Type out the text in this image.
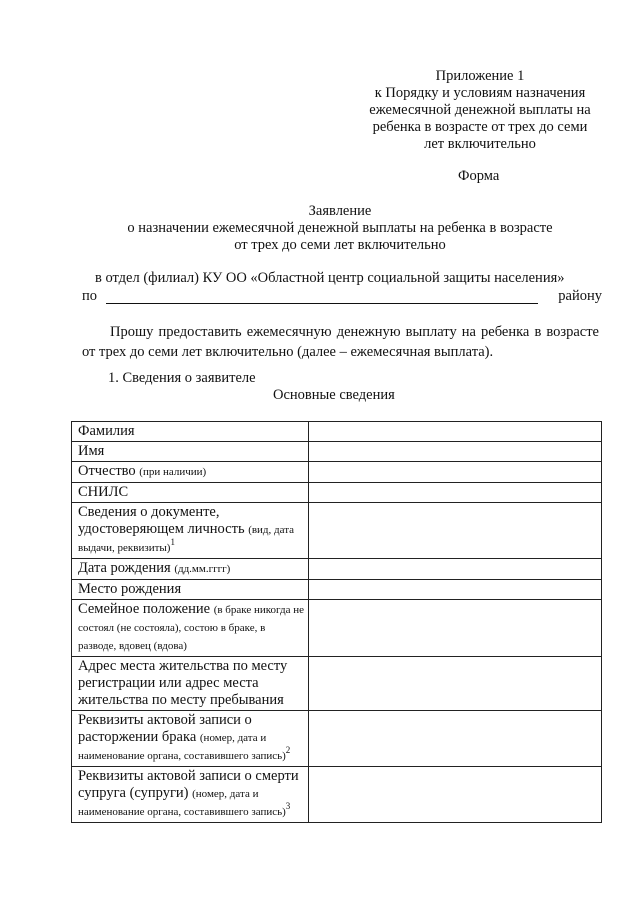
Приложение 1
к Порядку и условиям назначения
ежемесячной денежной выплаты на
ребенка в возрасте от трех до семи
лет включительно
Форма
Заявление
о назначении ежемесячной денежной выплаты на ребенка в возрасте
от трех до семи лет включительно
в отдел (филиал) КУ ОО «Областной центр социальной защиты населения»
по	району
Прошу предоставить ежемесячную денежную выплату на ребенка в возрасте от трех до семи лет включительно (далее – ежемесячная выплата).
1. Сведения о заявителе
Основные сведения
Фамилия	
Имя	
Отчество (при наличии)	
СНИЛС	
Сведения о документе, удостоверяющем личность (вид, дата выдачи, реквизиты)$^1$	
Дата рождения (дд.мм.гггг)	
Место рождения	
Семейное положение (в браке никогда не состоял (не состояла), состою в браке, в разводе, вдовец (вдова)	
Адрес места жительства по месту регистрации или адрес места жительства по месту пребывания	
Реквизиты актовой записи о расторжении брака (номер, дата и наименование органа, составившего запись)$^2$	
Реквизиты актовой записи о смерти супруга (супруги) (номер, дата и наименование органа, составившего запись)$^3$	
